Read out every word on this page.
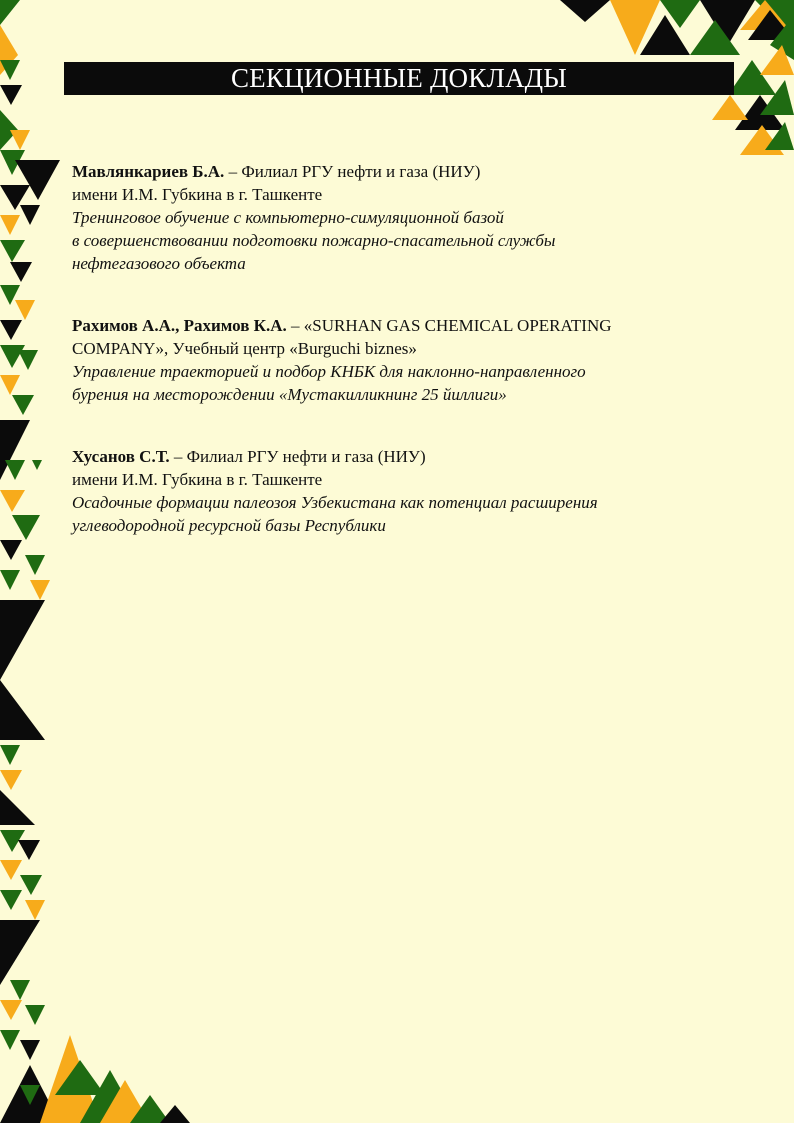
СЕКЦИОННЫЕ ДОКЛАДЫ
Мавлянкариев Б.А. – Филиал РГУ нефти и газа (НИУ)
имени И.М. Губкина в г. Ташкенте
Тренинговое обучение с компьютерно-симуляционной базой
в совершенствовании подготовки пожарно-спасательной службы
нефтегазового объекта
Рахимов А.А., Рахимов К.А. – «SURHAN GAS CHEMICAL OPERATING
COMPANY», Учебный центр «Burguchi biznes»
Управление траекторией и подбор КНБК для наклонно-направленного
бурения на месторождении «Мустакилликнинг 25 йиллиги»
Хусанов С.Т. – Филиал РГУ нефти и газа (НИУ)
имени И.М. Губкина в г. Ташкенте
Осадочные формации палеозоя Узбекистана как потенциал расширения
углеводородной ресурсной базы Республики
